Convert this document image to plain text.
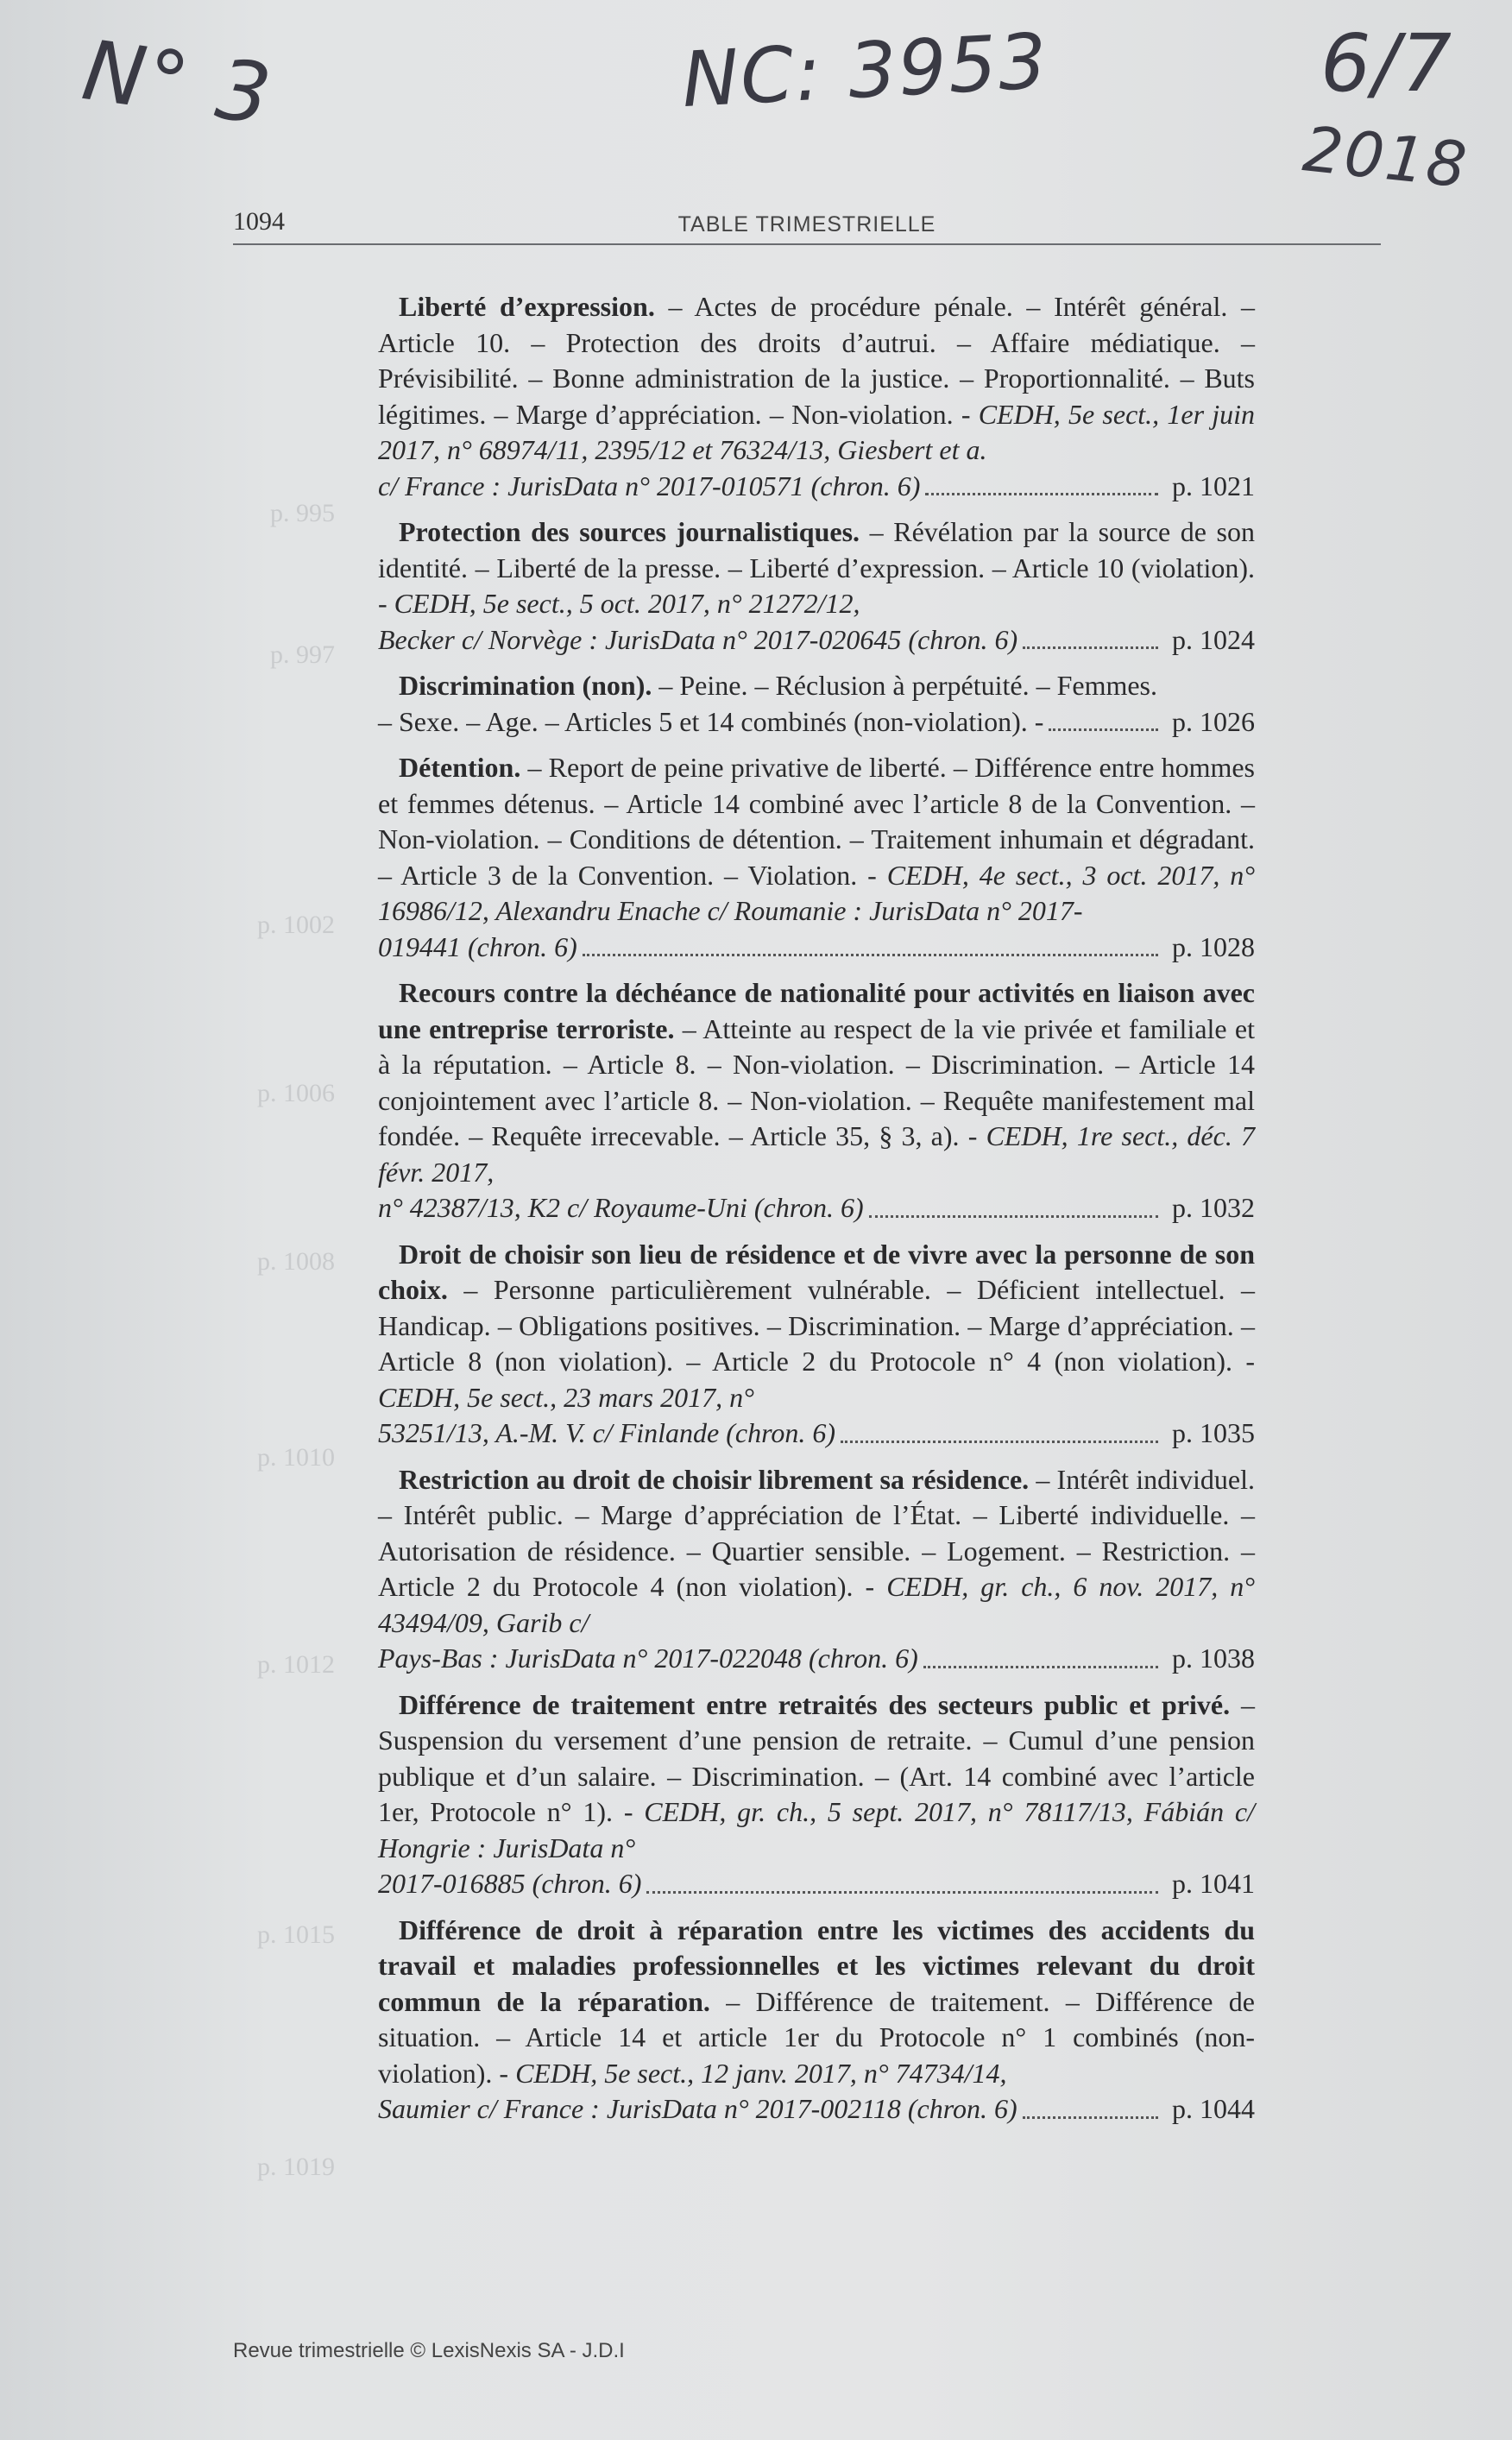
N° 3	NC: 3953	6/7
2018
p. 995
p. 997
p. 1002
p. 1006
p. 1008
p. 1010
p. 1012
p. 1015
p. 1019
1094	TABLE TRIMESTRIELLE
Liberté d’expression. – Actes de procédure pénale. – Intérêt général. – Article 10. – Protection des droits d’autrui. – Affaire médiatique. – Prévisibilité. – Bonne administration de la justice. – Proportionnalité. – Buts légitimes. – Marge d’appréciation. – Non-violation. - CEDH, 5e sect., 1er juin 2017, n° 68974/11, 2395/12 et 76324/13, Giesbert et a.
c/ France : JurisData n° 2017-010571 (chron. 6)	p. 1021
Protection des sources journalistiques. – Révélation par la source de son identité. – Liberté de la presse. – Liberté d’expression. – Article 10 (violation). - CEDH, 5e sect., 5 oct. 2017, n° 21272/12,
Becker c/ Norvège : JurisData n° 2017-020645 (chron. 6)	p. 1024
Discrimination (non). – Peine. – Réclusion à perpétuité. – Femmes.
– Sexe. – Age. – Articles 5 et 14 combinés (non-violation). -	p. 1026
Détention. – Report de peine privative de liberté. – Différence entre hommes et femmes détenus. – Article 14 combiné avec l’article 8 de la Convention. – Non-violation. – Conditions de détention. – Traitement inhumain et dégradant. – Article 3 de la Convention. – Violation. - CEDH, 4e sect., 3 oct. 2017, n° 16986/12, Alexandru Enache c/ Roumanie : JurisData n° 2017-
019441 (chron. 6)	p. 1028
Recours contre la déchéance de nationalité pour activités en liaison avec une entreprise terroriste. – Atteinte au respect de la vie privée et familiale et à la réputation. – Article 8. – Non-violation. – Discrimination. – Article 14 conjointement avec l’article 8. – Non-violation. – Requête manifestement mal fondée. – Requête irrecevable. – Article 35, § 3, a). - CEDH, 1re sect., déc. 7 févr. 2017,
n° 42387/13, K2 c/ Royaume-Uni (chron. 6)	p. 1032
Droit de choisir son lieu de résidence et de vivre avec la personne de son choix. – Personne particulièrement vulnérable. – Déficient intellectuel. – Handicap. – Obligations positives. – Discrimination. – Marge d’appréciation. – Article 8 (non violation). – Article 2 du Protocole n° 4 (non violation). - CEDH, 5e sect., 23 mars 2017, n°
53251/13, A.-M. V. c/ Finlande (chron. 6)	p. 1035
Restriction au droit de choisir librement sa résidence. – Intérêt individuel. – Intérêt public. – Marge d’appréciation de l’État. – Liberté individuelle. – Autorisation de résidence. – Quartier sensible. – Logement. – Restriction. – Article 2 du Protocole 4 (non violation). - CEDH, gr. ch., 6 nov. 2017, n° 43494/09, Garib c/
Pays-Bas : JurisData n° 2017-022048 (chron. 6)	p. 1038
Différence de traitement entre retraités des secteurs public et privé. – Suspension du versement d’une pension de retraite. – Cumul d’une pension publique et d’un salaire. – Discrimination. – (Art. 14 combiné avec l’article 1er, Protocole n° 1). - CEDH, gr. ch., 5 sept. 2017, n° 78117/13, Fábián c/ Hongrie : JurisData n°
2017-016885 (chron. 6)	p. 1041
Différence de droit à réparation entre les victimes des accidents du travail et maladies professionnelles et les victimes relevant du droit commun de la réparation. – Différence de traitement. – Différence de situation. – Article 14 et article 1er du Protocole n° 1 combinés (non-violation). - CEDH, 5e sect., 12 janv. 2017, n° 74734/14,
Saumier c/ France : JurisData n° 2017-002118 (chron. 6)	p. 1044
Revue trimestrielle © LexisNexis SA - J.D.I
